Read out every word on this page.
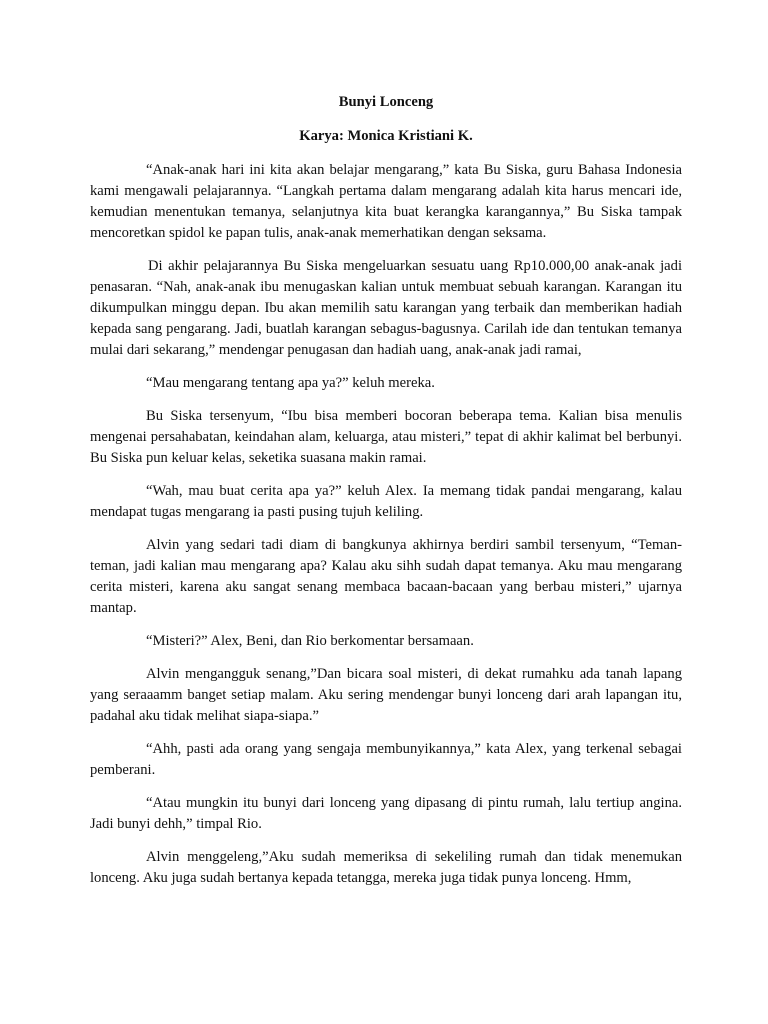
Bunyi Lonceng
Karya: Monica Kristiani K.

“Anak-anak hari ini kita akan belajar mengarang,” kata Bu Siska, guru Bahasa Indonesia kami mengawali pelajarannya. “Langkah pertama dalam mengarang adalah kita harus mencari ide, kemudian menentukan temanya, selanjutnya kita buat kerangka karangannya,” Bu Siska tampak mencoretkan spidol ke papan tulis, anak-anak memerhatikan dengan seksama.

Di akhir pelajarannya Bu Siska mengeluarkan sesuatu uang Rp10.000,00 anak-anak jadi penasaran. “Nah, anak-anak ibu menugaskan kalian untuk membuat sebuah karangan. Karangan itu dikumpulkan minggu depan. Ibu akan memilih satu karangan yang terbaik dan memberikan hadiah kepada sang pengarang. Jadi, buatlah karangan sebagus-bagusnya. Carilah ide dan tentukan temanya mulai dari sekarang,” mendengar penugasan dan hadiah uang, anak-anak jadi ramai,

“Mau mengarang tentang apa ya?” keluh mereka.

Bu Siska tersenyum, “Ibu bisa memberi bocoran beberapa tema. Kalian bisa menulis mengenai persahabatan, keindahan alam, keluarga, atau misteri,” tepat di akhir kalimat bel berbunyi. Bu Siska pun keluar kelas, seketika suasana makin ramai.

“Wah, mau buat cerita apa ya?” keluh Alex. Ia memang tidak pandai mengarang, kalau mendapat tugas mengarang ia pasti pusing tujuh keliling.

Alvin yang sedari tadi diam di bangkunya akhirnya berdiri sambil tersenyum, “Teman-teman, jadi kalian mau mengarang apa? Kalau aku sihh sudah dapat temanya. Aku mau mengarang cerita misteri, karena aku sangat senang membaca bacaan-bacaan yang berbau misteri,” ujarnya mantap.

“Misteri?” Alex, Beni, dan Rio berkomentar bersamaan.

Alvin mengangguk senang,”Dan bicara soal misteri, di dekat rumahku ada tanah lapang yang seraaamm banget setiap malam. Aku sering mendengar bunyi lonceng dari arah lapangan itu, padahal aku tidak melihat siapa-siapa.”

“Ahh, pasti ada orang yang sengaja membunyikannya,” kata Alex, yang terkenal sebagai pemberani.

“Atau mungkin itu bunyi dari lonceng yang dipasang di pintu rumah, lalu tertiup angina. Jadi bunyi dehh,” timpal Rio.

Alvin menggeleng,”Aku sudah memeriksa di sekeliling rumah dan tidak menemukan lonceng. Aku juga sudah bertanya kepada tetangga, mereka juga tidak punya lonceng. Hmm,
